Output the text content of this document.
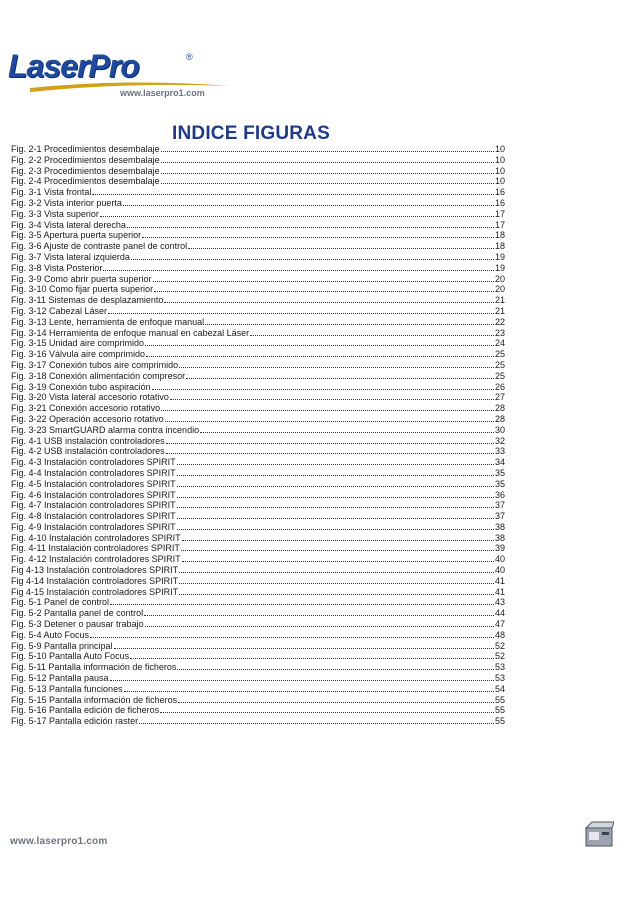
LaserPro	®
www.laserpro1.com
INDICE FIGURAS
Fig. 2-1 Procedimientos desembalaje	10
Fig. 2-2 Procedimientos desembalaje	10
Fig. 2-3 Procedimientos desembalaje	10
Fig. 2-4 Procedimientos desembalaje	10
Fig. 3-1 Vista frontal	16
Fig. 3-2 Vista interior puerta	16
Fig. 3-3 Vista superior	17
Fig. 3-4 Vista lateral derecha	17
Fig. 3-5 Apertura puerta superior	18
Fig. 3-6 Ajuste de contraste panel de control	18
Fig. 3-7 Vista lateral izquierda	19
Fig. 3-8 Vista Posterior	19
Fig. 3-9 Como abrir puerta superior	20
Fig. 3-10 Como fijar puerta superior	20
Fig. 3-11 Sistemas de desplazamiento	21
Fig. 3-12 Cabezal Láser	21
Fig. 3-13 Lente, herramienta de enfoque manual	22
Fig. 3-14 Herramienta de enfoque manual en cabezal Láser	23
Fig. 3-15 Unidad aire comprimido	24
Fig. 3-16 Válvula aire comprimido	25
Fig. 3-17 Conexión tubos aire comprimido	25
Fig. 3-18 Conexión alimentación compresor	25
Fig. 3-19 Conexión tubo aspiración	26
Fig. 3-20 Vista lateral accesorio rotativo	27
Fig. 3-21 Conexión accesorio rotativo	28
Fig. 3-22 Operación accesorio rotativo	28
Fig. 3-23 SmartGUARD alarma contra incendio	30
Fig. 4-1 USB instalación controladores	32
Fig. 4-2 USB instalación controladores	33
Fig. 4-3 Instalación controladores SPIRIT	34
Fig. 4-4 Instalación controladores SPIRIT	35
Fig. 4-5 Instalación controladores SPIRIT	35
Fig. 4-6 Instalación controladores SPIRIT	36
Fig. 4-7 Instalación controladores SPIRIT	37
Fig. 4-8 Instalación controladores SPIRIT	37
Fig. 4-9 Instalación controladores SPIRIT	38
Fig. 4-10 Instalación controladores SPIRIT	38
Fig. 4-11 Instalación controladores SPIRIT	39
Fig. 4-12 Instalación controladores SPIRIT	40
Fig 4-13 Instalación controladores SPIRIT	40
Fig 4-14 Instalación controladores SPIRIT	41
Fig 4-15 Instalación controladores SPIRIT	41
Fig. 5-1 Panel de control	43
Fig. 5-2 Pantalla panel de control	44
Fig. 5-3 Detener o pausar trabajo	47
Fig. 5-4 Auto Focus	48
Fig. 5-9 Pantalla principal	52
Fig. 5-10 Pantalla Auto Focus	52
Fig. 5-11 Pantalla información de ficheros	53
Fig. 5-12 Pantalla pausa	53
Fig. 5-13 Pantalla funciones	54
Fig. 5-15 Pantalla información de ficheros	55
Fig. 5-16 Pantalla edición de ficheros	55
Fig. 5-17 Pantalla edición raster	55
www.laserpro1.com
